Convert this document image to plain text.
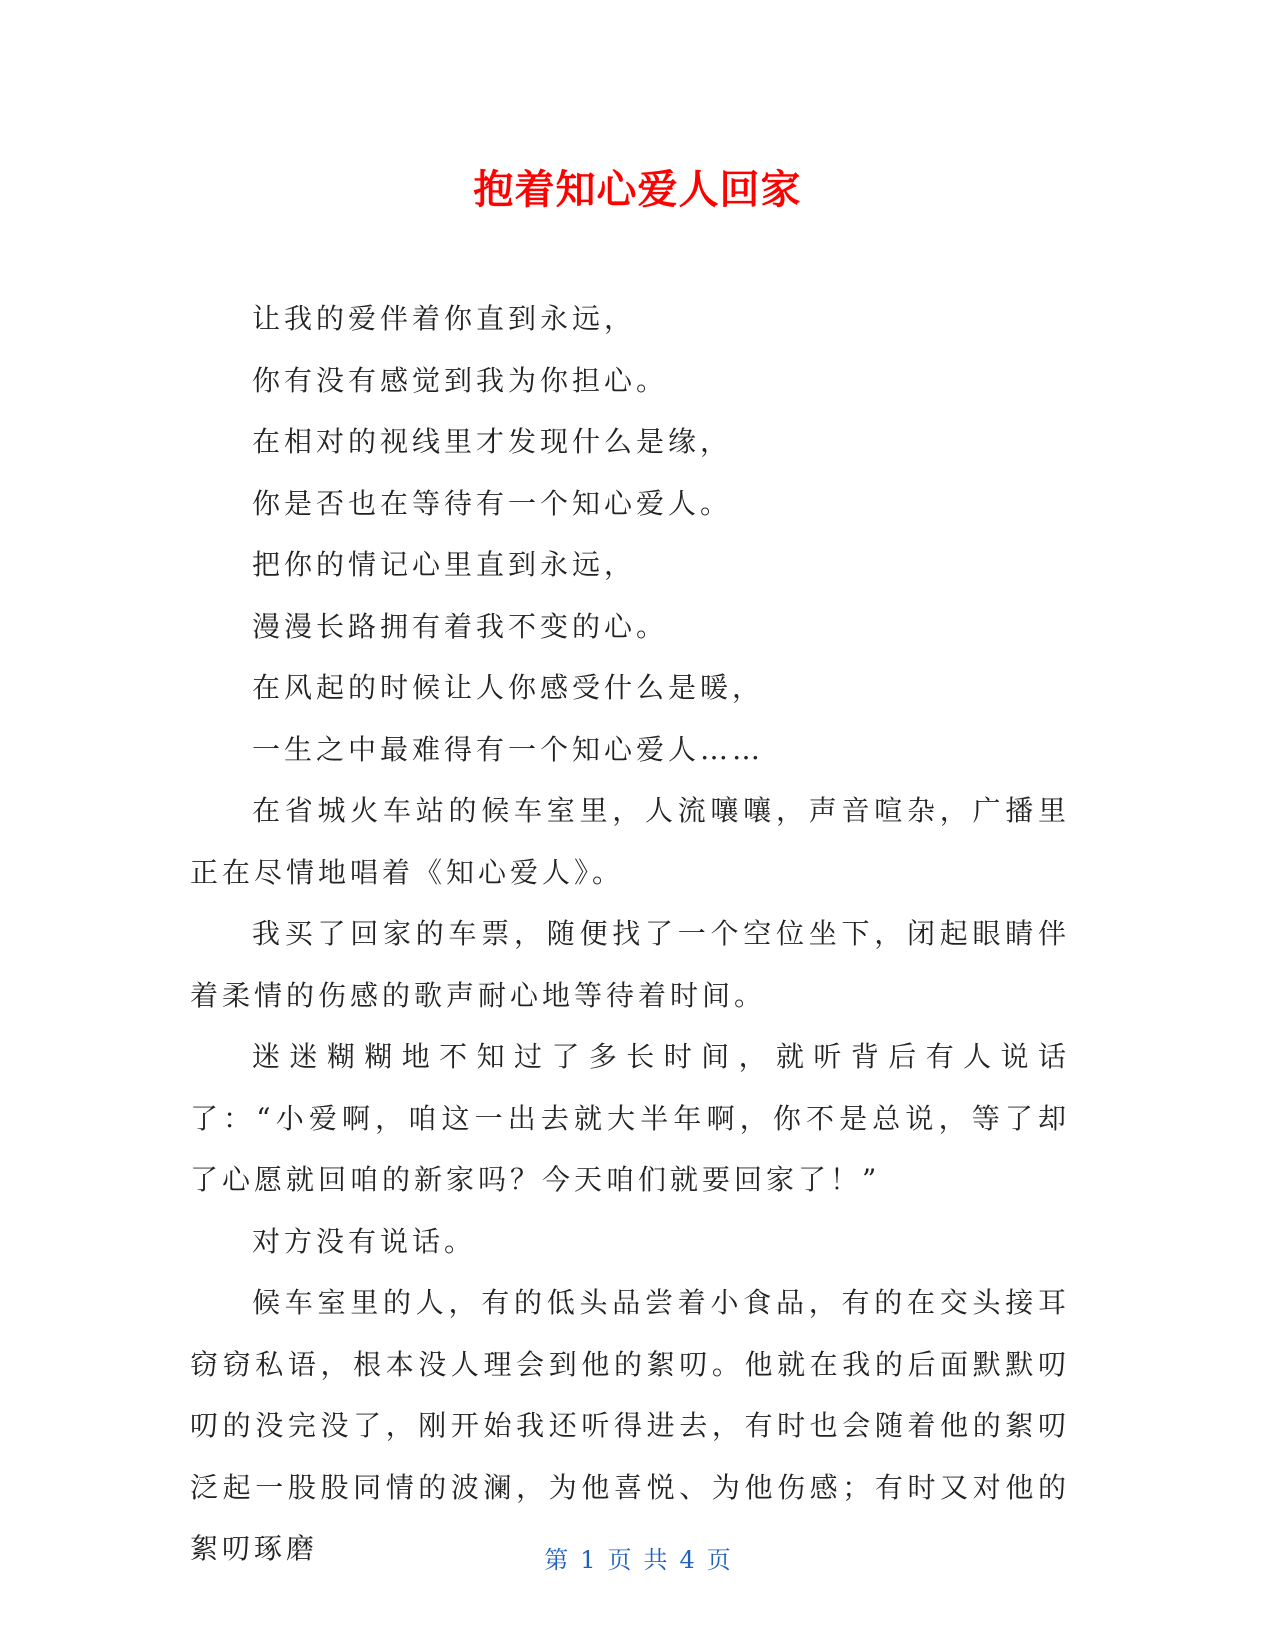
抱着知心爱人回家

让我的爱伴着你直到永远，

你有没有感觉到我为你担心。

在相对的视线里才发现什么是缘，

你是否也在等待有一个知心爱人。

把你的情记心里直到永远，

漫漫长路拥有着我不变的心。

在风起的时候让人你感受什么是暖，

一生之中最难得有一个知心爱人……

在省城火车站的候车室里，人流嚷嚷，声音喧杂，广播里正在尽情地唱着《知心爱人》。

我买了回家的车票，随便找了一个空位坐下，闭起眼睛伴着柔情的伤感的歌声耐心地等待着时间。

迷迷糊糊地不知过了多长时间，就听背后有人说话了：“小爱啊，咱这一出去就大半年啊，你不是总说，等了却了心愿就回咱的新家吗？今天咱们就要回家了！”

对方没有说话。

候车室里的人，有的低头品尝着小食品，有的在交头接耳窃窃私语，根本没人理会到他的絮叨。他就在我的后面默默叨叨的没完没了，刚开始我还听得进去，有时也会随着他的絮叨泛起一股股同情的波澜，为他喜悦、为他伤感；有时又对他的絮叨琢磨	第 1 页 共 4 页
